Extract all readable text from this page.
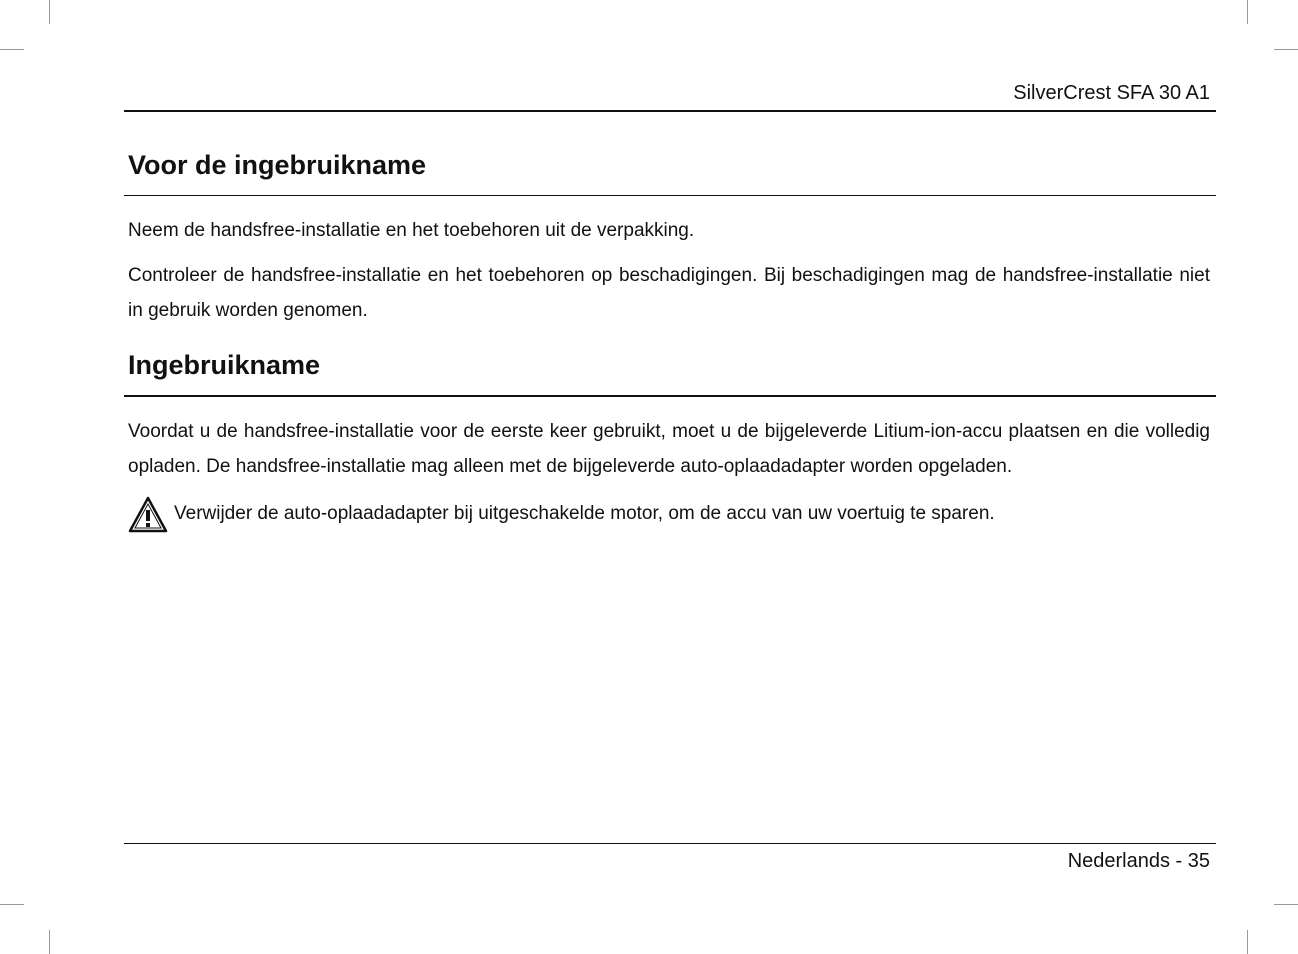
SilverCrest SFA 30 A1
Voor de ingebruikname

Neem de handsfree-installatie en het toebehoren uit de verpakking.

Controleer de handsfree-installatie en het toebehoren op beschadigingen. Bij beschadigingen mag de handsfree-installatie niet in gebruik worden genomen.

Ingebruikname

Voordat u de handsfree-installatie voor de eerste keer gebruikt, moet u de bijgeleverde Litium-ion-accu plaatsen en die volledig opladen. De handsfree-installatie mag alleen met de bijgeleverde auto-oplaadadapter worden opgeladen.

Verwijder de auto-oplaadadapter bij uitgeschakelde motor, om de accu van uw voertuig te sparen.
Nederlands - 35
